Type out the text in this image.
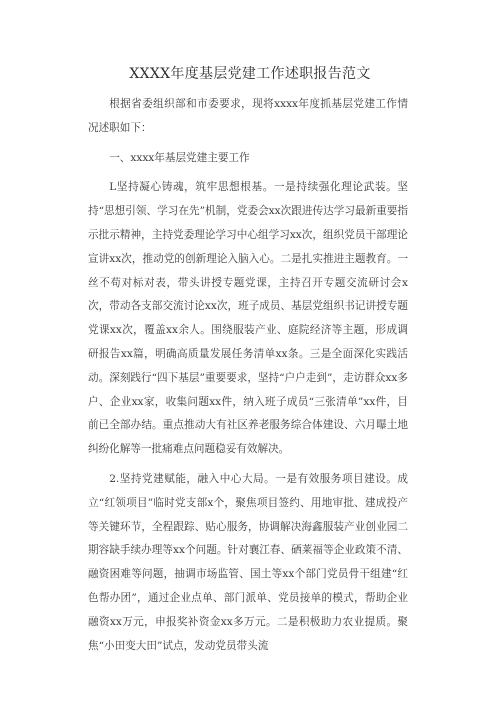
XXXX年度基层党建工作述职报告范文

根据省委组织部和市委要求，现将xxxx年度抓基层党建工作情况述职如下：

一、xxxx年基层党建主要工作

L坚持凝心铸魂，筑牢思想根基。一是持续强化理论武装。坚持“思想引领、学习在先”机制，党委会xx次跟进传达学习最新重要指示批示精神，主持党委理论学习中心组学习xx次，组织党员干部理论宣讲xx次，推动党的创新理论入脑入心。二是扎实推进主题教育。一丝不苟对标对表，带头讲授专题党课，主持召开专题交流研讨会x次，带动各支部交流讨论xx次，班子成员、基层党组织书记讲授专题党课xx次，覆盖xx余人。围绕服装产业、庭院经济等主题，形成调研报告xx篇，明确高质量发展任务清单xx条。三是全面深化实践活动。深刻践行“四下基层”重要要求，坚持“户户走到”，走访群众xx多户、企业xx家，收集问题xx件，纳入班子成员“三张清单”xx件，目前已全部办结。重点推动大有社区养老服务综合体建设、六月曝土地纠纷化解等一批痛难点问题稳妥有效解决。

2.坚持党建赋能，融入中心大局。一是有效服务项目建设。成立“红领项目”临时党支部x个，聚焦项目签约、用地审批、建成投产等关键环节，全程跟踪、贴心服务，协调解决海鑫服装产业创业园二期容缺手续办理等xx个问题。针对襄江春、硒莱福等企业政策不清、融资困难等问题，抽调市场监管、国土等xx个部门党员骨干组建“红色帮办团”，通过企业点单、部门派单、党员接单的模式，帮助企业融资xx万元，申报奖补资金xx多万元。二是积极助力农业提质。聚焦“小田变大田”试点，发动党员带头流
